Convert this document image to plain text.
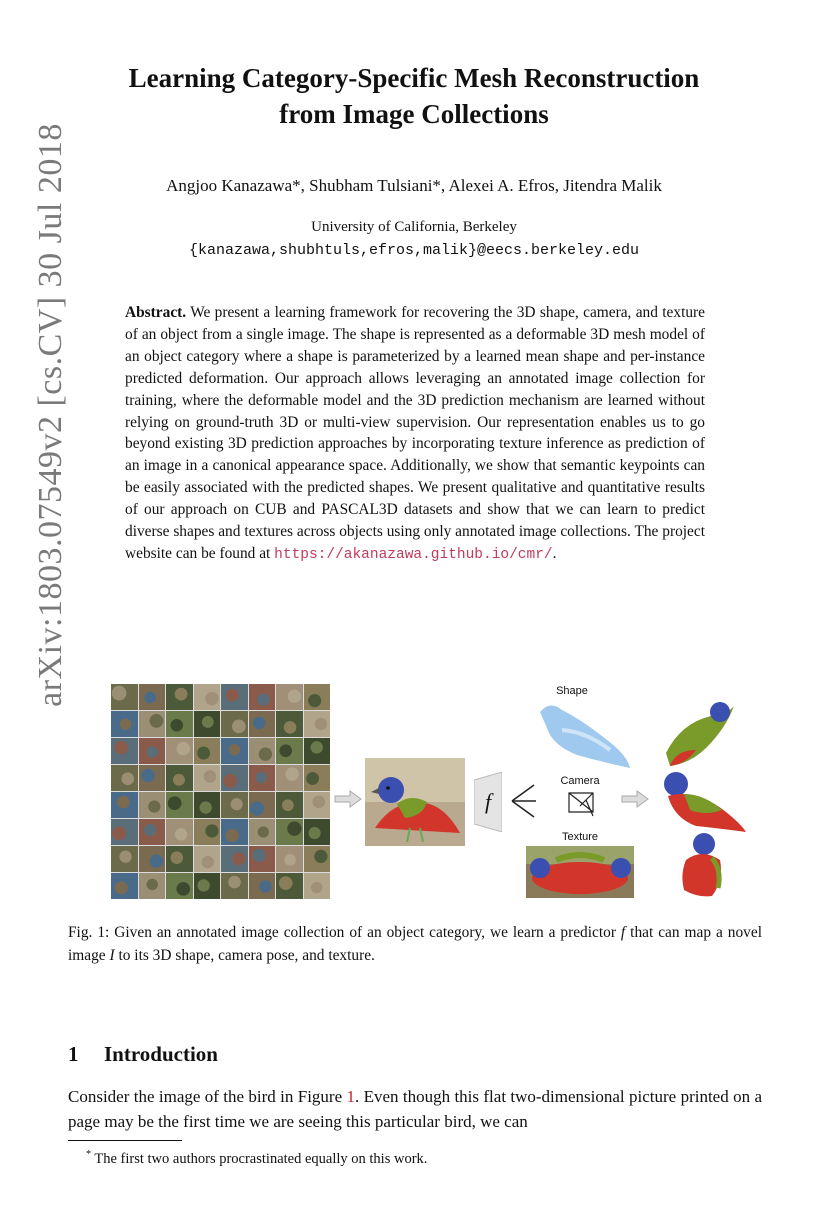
arXiv:1803.07549v2 [cs.CV] 30 Jul 2018
Learning Category-Specific Mesh Reconstruction
from Image Collections
Angjoo Kanazawa*, Shubham Tulsiani*, Alexei A. Efros, Jitendra Malik
University of California, Berkeley
{kanazawa,shubhtuls,efros,malik}@eecs.berkeley.edu
Abstract. We present a learning framework for recovering the 3D shape, camera, and texture of an object from a single image. The shape is represented as a deformable 3D mesh model of an object category where a shape is parameterized by a learned mean shape and per-instance predicted deformation. Our approach allows leveraging an annotated image collection for training, where the deformable model and the 3D prediction mechanism are learned without relying on ground-truth 3D or multi-view supervision. Our representation enables us to go beyond existing 3D prediction approaches by incorporating texture inference as prediction of an image in a canonical appearance space. Additionally, we show that semantic keypoints can be easily associated with the predicted shapes. We present qualitative and quantitative results of our approach on CUB and PASCAL3D datasets and show that we can learn to predict diverse shapes and textures across objects using only annotated image collections. The project website can be found at https://akanazawa.github.io/cmr/.
f
Shape
Camera
Texture
Fig. 1: Given an annotated image collection of an object category, we learn a predictor f that can map a novel image I to its 3D shape, camera pose, and texture.
1 Introduction
Consider the image of the bird in Figure 1. Even though this flat two-dimensional picture printed on a page may be the first time we are seeing this particular bird, we can
* The first two authors procrastinated equally on this work.
